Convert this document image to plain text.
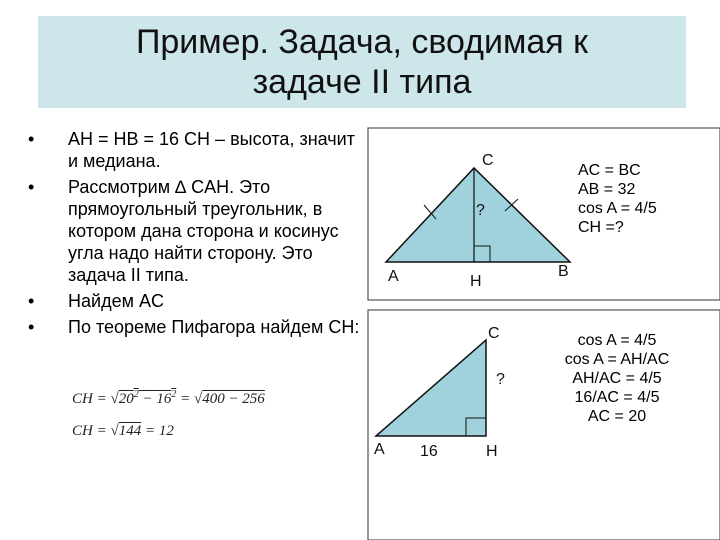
Пример. Задача, сводимая к
задаче II типа
• AH = HB = 16 CH – высота, значит и медиана.
• Рассмотрим ∆ CAH. Это прямоугольный треугольник, в котором дана сторона и косинус угла надо найти сторону. Это задача II типа.
• Найдем AC
• По теореме Пифагора найдем CH:
CH = $√20^2 - 16^2 = √400 - 256$
CH = √144 = 12
C
A	H
B
?
C
A	H
16
?
AC = BC
AB = 32
cos A = 4/5
CH =?
cos A = 4/5
cos A = AH/AC
AH/AC = 4/5
16/AC = 4/5
AC = 20
